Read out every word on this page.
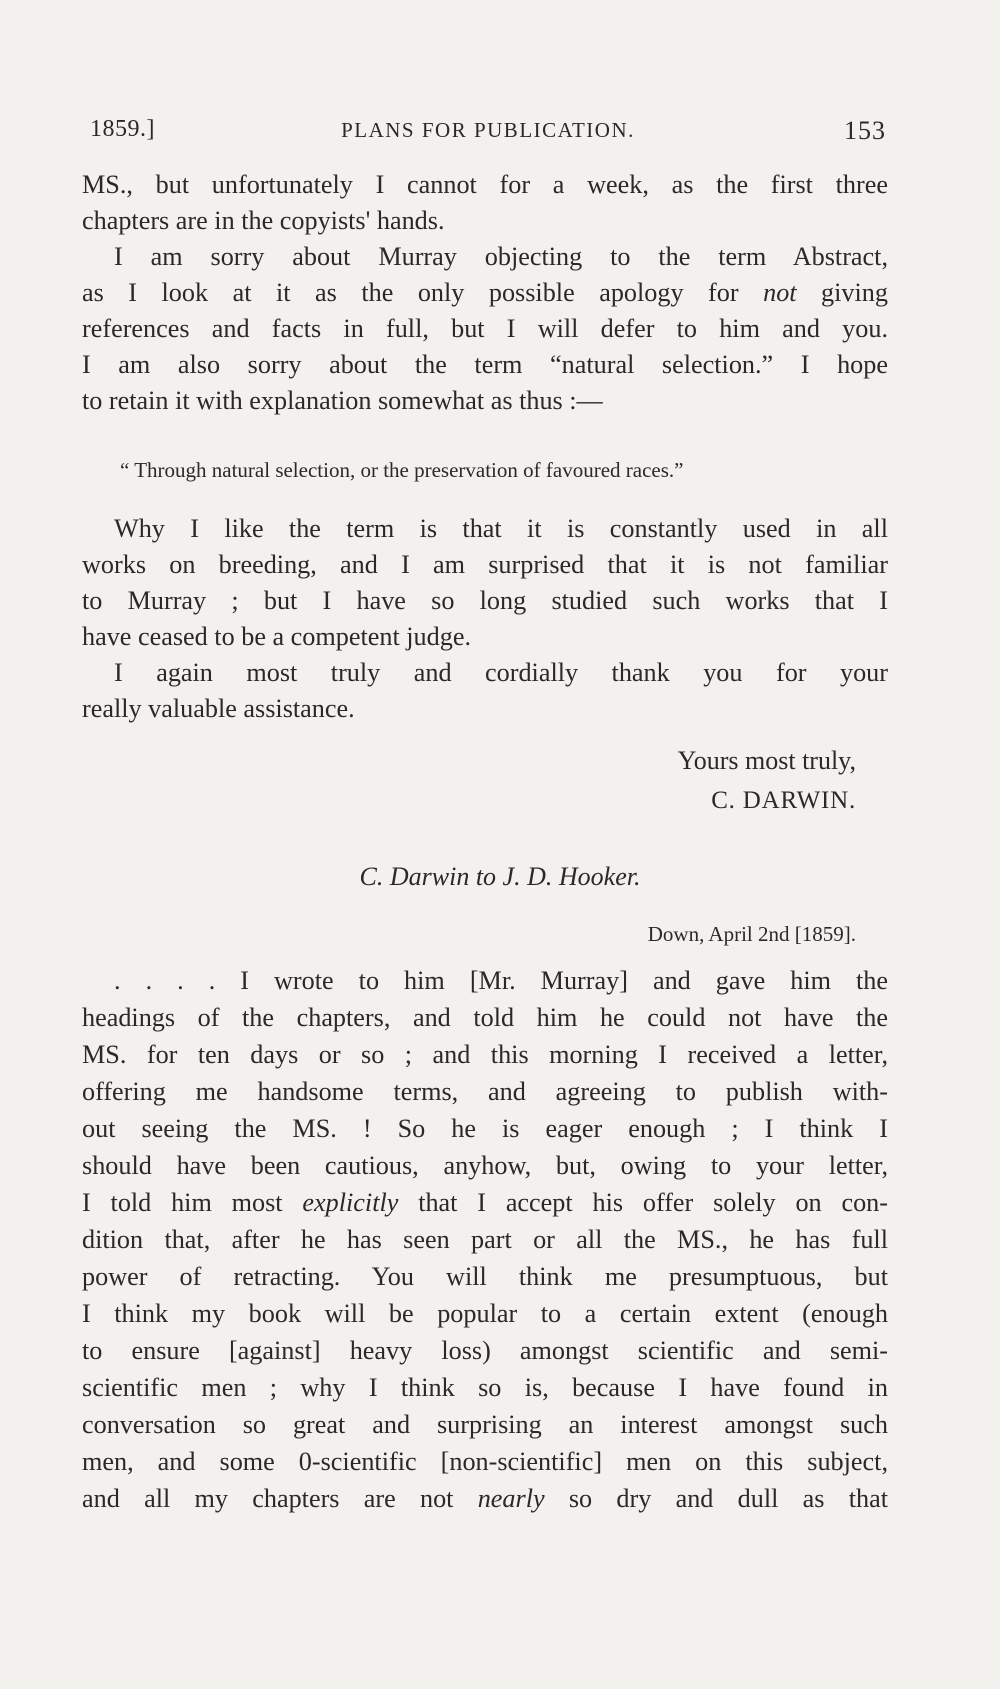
1859.]	PLANS FOR PUBLICATION.	153
MS., but unfortunately I cannot for a week, as the first three
chapters are in the copyists' hands.
I am sorry about Murray objecting to the term Abstract,
as I look at it as the only possible apology for not giving
references and facts in full, but I will defer to him and you.
I am also sorry about the term “natural selection.” I hope
to retain it with explanation somewhat as thus :—
“ Through natural selection, or the preservation of favoured races.”
Why I like the term is that it is constantly used in all
works on breeding, and I am surprised that it is not familiar
to Murray ; but I have so long studied such works that I
have ceased to be a competent judge.
I again most truly and cordially thank you for your
really valuable assistance.
Yours most truly,
C. DARWIN.
C. Darwin to J. D. Hooker.
Down, April 2nd [1859].
. . . . I wrote to him [Mr. Murray] and gave him the
headings of the chapters, and told him he could not have the
MS. for ten days or so ; and this morning I received a letter,
offering me handsome terms, and agreeing to publish with-
out seeing the MS. ! So he is eager enough ; I think I
should have been cautious, anyhow, but, owing to your letter,
I told him most explicitly that I accept his offer solely on con-
dition that, after he has seen part or all the MS., he has full
power of retracting. You will think me presumptuous, but
I think my book will be popular to a certain extent (enough
to ensure [against] heavy loss) amongst scientific and semi-
scientific men ; why I think so is, because I have found in
conversation so great and surprising an interest amongst such
men, and some 0-scientific [non-scientific] men on this subject,
and all my chapters are not nearly so dry and dull as that
